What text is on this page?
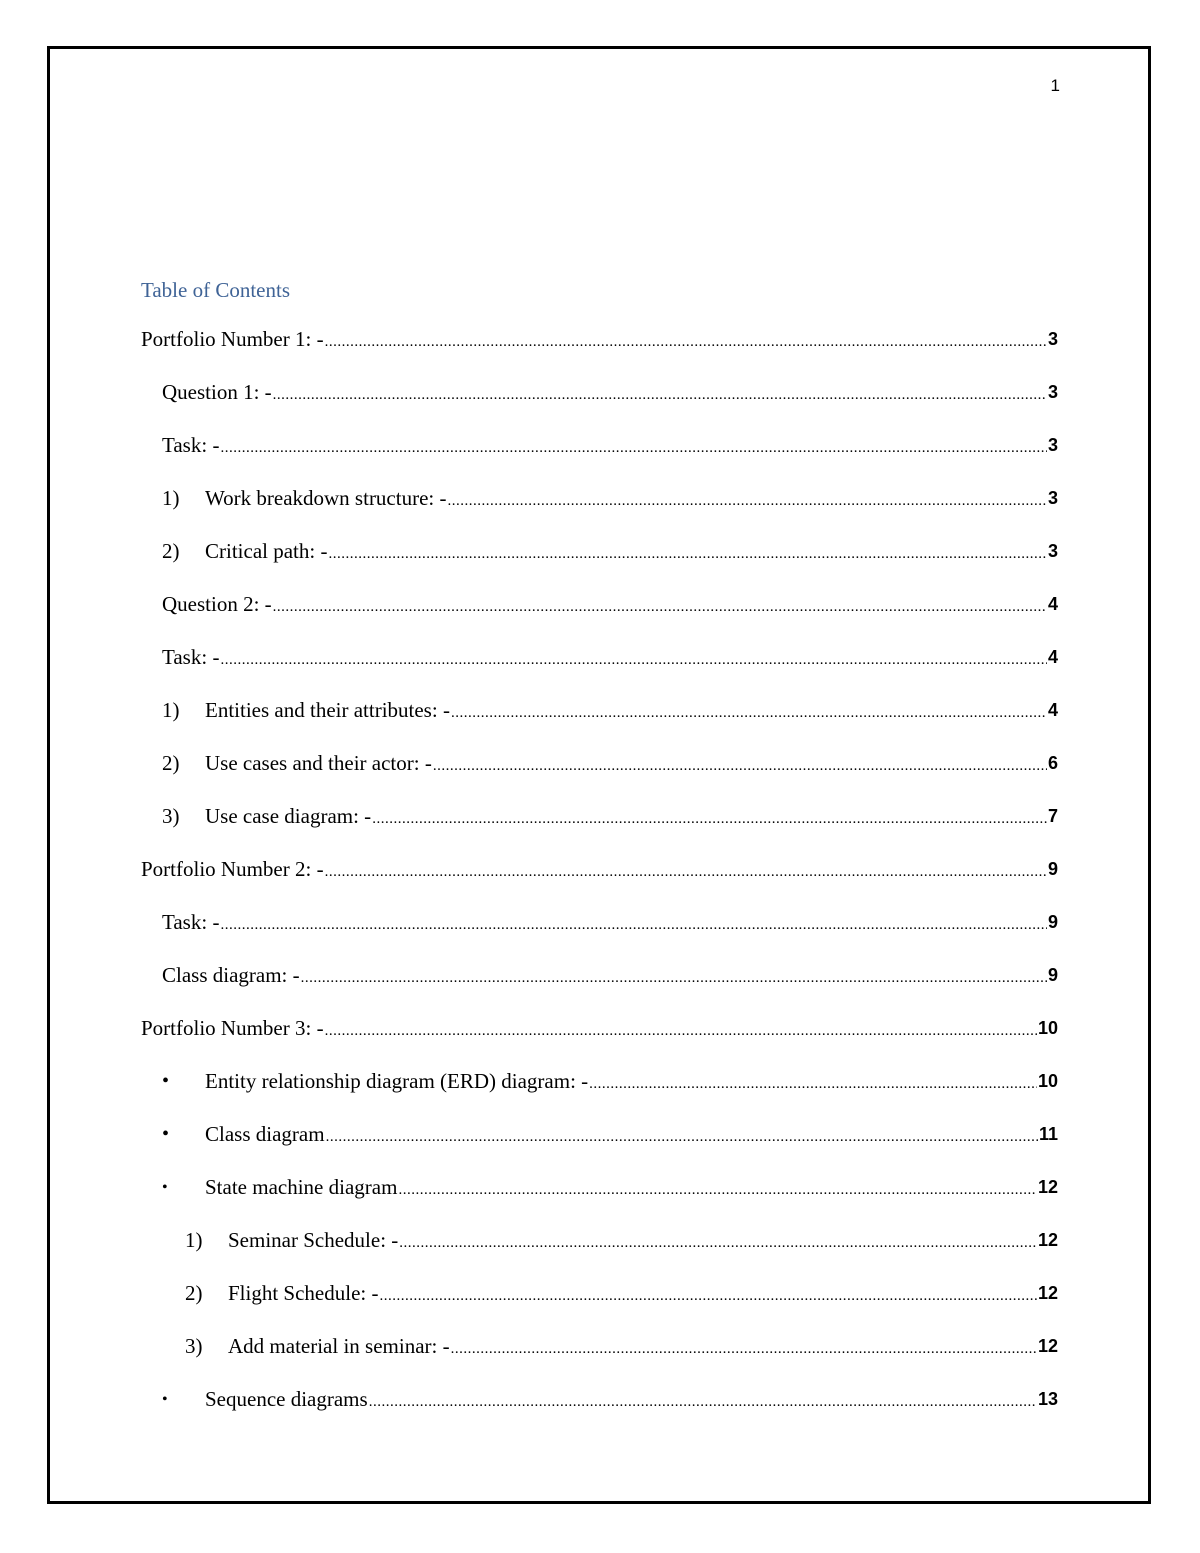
1
Table of Contents
Portfolio Number 1: - .....	3
Question 1: - .....	3
Task: - .....	3
1)	Work breakdown structure: - .....	3
2)	Critical path: - .....	3
Question 2: - .....	4
Task: - .....	4
1)	Entities and their attributes: - .....	4
2)	Use cases and their actor: - .....	6
3)	Use case diagram: - .....	7
Portfolio Number 2: - .....	9
Task: - .....	9
Class diagram: - .....	9
Portfolio Number 3: - .....	10
•	Entity relationship diagram (ERD) diagram: - .....	10
•	Class diagram .....	11
•	State machine diagram .....	12
1)	Seminar Schedule: - .....	12
2)	Flight Schedule: - .....	12
3)	Add material in seminar: - .....	12
•	Sequence diagrams .....	13
